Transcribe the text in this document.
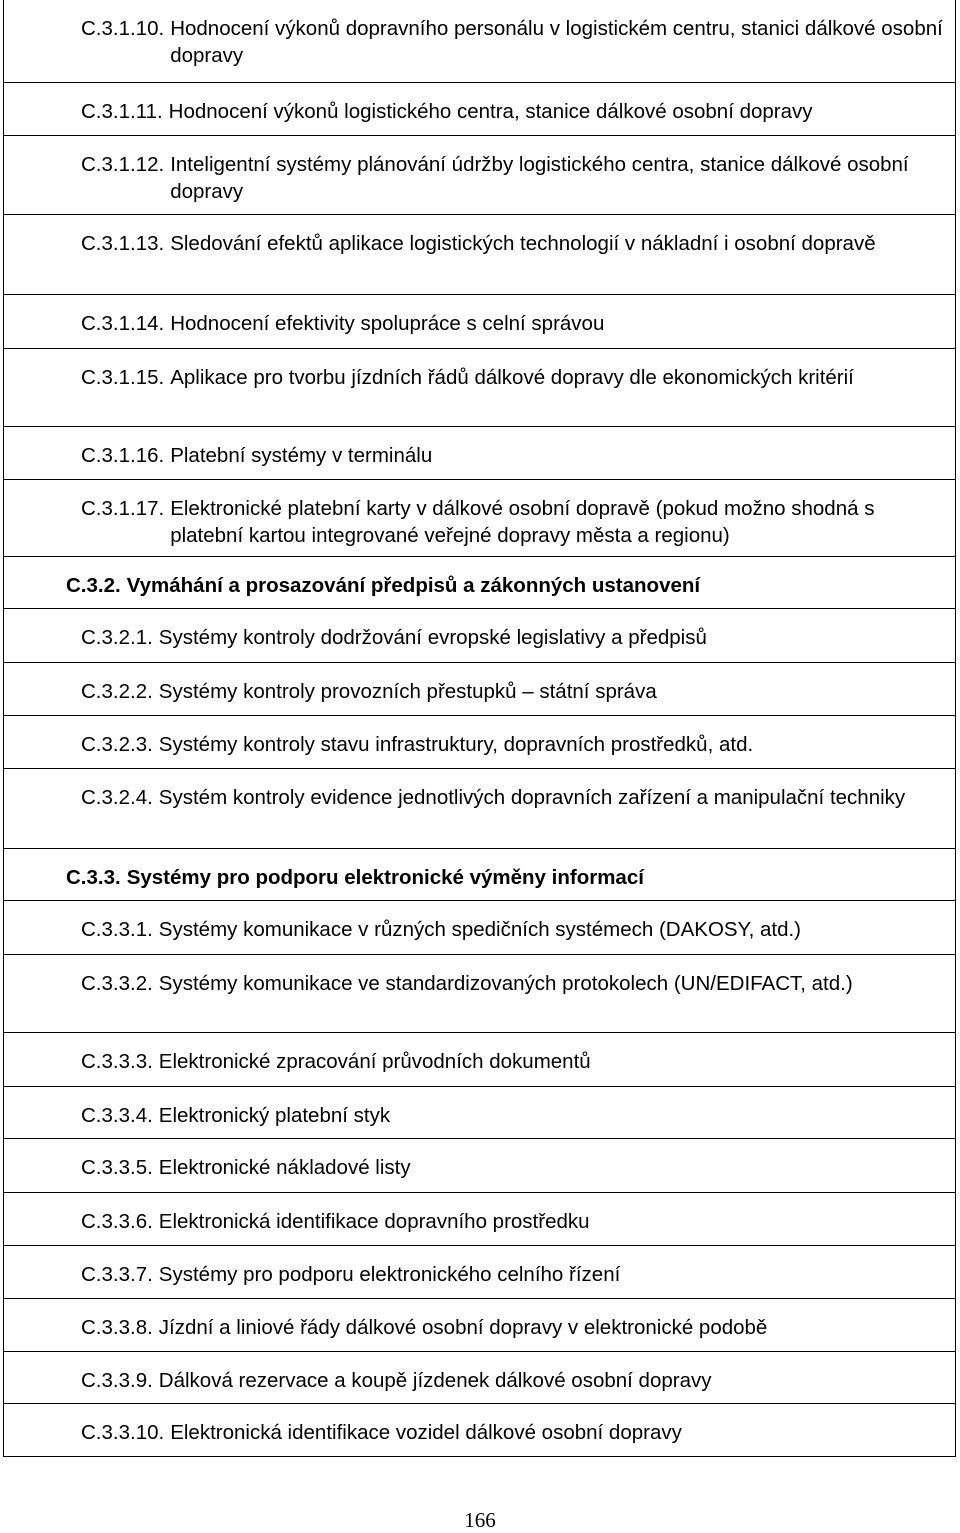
C.3.1.10. Hodnocení výkonů dopravního personálu v logistickém centru, stanici dálkové osobní dopravy
C.3.1.11. Hodnocení výkonů logistického centra, stanice dálkové osobní dopravy
C.3.1.12. Inteligentní systémy plánování údržby logistického centra, stanice dálkové osobní dopravy
C.3.1.13. Sledování efektů aplikace logistických technologií v nákladní i osobní dopravě
C.3.1.14. Hodnocení efektivity spolupráce s celní správou
C.3.1.15. Aplikace pro tvorbu jízdních řádů dálkové dopravy dle ekonomických kritérií
C.3.1.16. Platební systémy v terminálu
C.3.1.17. Elektronické platební karty v dálkové osobní dopravě (pokud možno shodná s platební kartou integrované veřejné dopravy města a regionu)
C.3.2. Vymáhání a prosazování předpisů a zákonných ustanovení
C.3.2.1. Systémy kontroly dodržování evropské legislativy a předpisů
C.3.2.2. Systémy kontroly provozních přestupků – státní správa
C.3.2.3. Systémy kontroly stavu infrastruktury, dopravních prostředků, atd.
C.3.2.4. Systém kontroly evidence jednotlivých dopravních zařízení a manipulační techniky
C.3.3. Systémy pro podporu elektronické výměny informací
C.3.3.1. Systémy komunikace v různých spedičních systémech (DAKOSY, atd.)
C.3.3.2. Systémy komunikace ve standardizovaných protokolech (UN/EDIFACT, atd.)
C.3.3.3. Elektronické zpracování průvodních dokumentů
C.3.3.4. Elektronický platební styk
C.3.3.5. Elektronické nákladové listy
C.3.3.6. Elektronická identifikace dopravního prostředku
C.3.3.7. Systémy pro podporu elektronického celního řízení
C.3.3.8. Jízdní a liniové řády dálkové osobní dopravy v elektronické podobě
C.3.3.9. Dálková rezervace a koupě jízdenek dálkové osobní dopravy
C.3.3.10. Elektronická identifikace vozidel dálkové osobní dopravy
166
